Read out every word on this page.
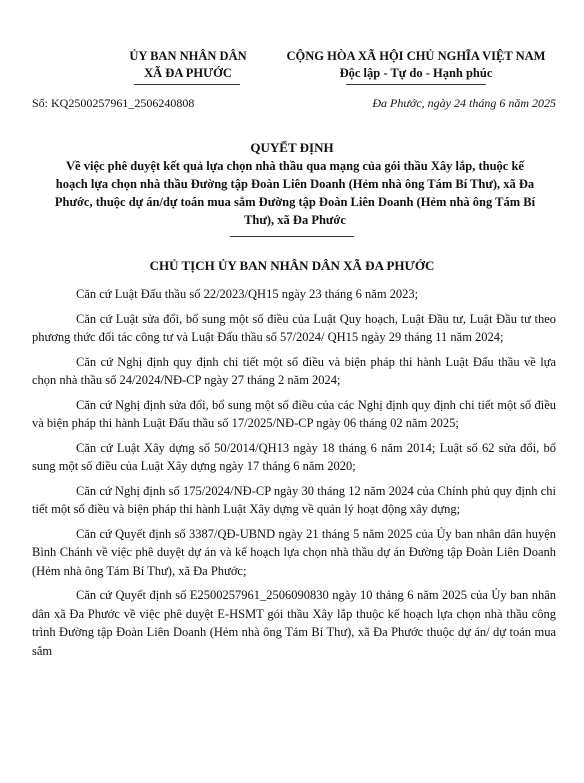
ỦY BAN NHÂN DÂN
XÃ ĐA PHƯỚC
CỘNG HÒA XÃ HỘI CHỦ NGHĨA VIỆT NAM
Độc lập - Tự do - Hạnh phúc
Số: KQ2500257961_2506240808	Đa Phước, ngày 24 tháng 6 năm 2025
QUYẾT ĐỊNH
Về việc phê duyệt kết quả lựa chọn nhà thầu qua mạng của gói thầu Xây lắp, thuộc kế hoạch lựa chọn nhà thầu Đường tập Đoàn Liên Doanh (Hẻm nhà ông Tám Bí Thư), xã Đa Phước, thuộc dự án/dự toán mua sắm Đường tập Đoàn Liên Doanh (Hẻm nhà ông Tám Bí Thư), xã Đa Phước
CHỦ TỊCH ỦY BAN NHÂN DÂN XÃ ĐA PHƯỚC

Căn cứ Luật Đấu thầu số 22/2023/QH15 ngày 23 tháng 6 năm 2023;

Căn cứ Luật sửa đổi, bổ sung một số điều của Luật Quy hoạch, Luật Đầu tư, Luật Đầu tư theo phương thức đối tác công tư và Luật Đấu thầu số 57/2024/ QH15 ngày 29 tháng 11 năm 2024;

Căn cứ Nghị định quy định chi tiết một số điều và biện pháp thi hành Luật Đấu thầu về lựa chọn nhà thầu số 24/2024/NĐ-CP ngày 27 tháng 2 năm 2024;

Căn cứ Nghị định sửa đổi, bổ sung một số điều của các Nghị định quy định chi tiết một số điều và biện pháp thi hành Luật Đấu thầu số 17/2025/NĐ-CP ngày 06 tháng 02 năm 2025;

Căn cứ Luật Xây dựng số 50/2014/QH13 ngày 18 tháng 6 năm 2014; Luật số 62 sửa đổi, bổ sung một số điều của Luật Xây dựng ngày 17 tháng 6 năm 2020;

Căn cứ Nghị định số 175/2024/NĐ-CP ngày 30 tháng 12 năm 2024 của Chính phủ quy định chi tiết một số điều và biện pháp thi hành Luật Xây dựng về quản lý hoạt động xây dựng;

Căn cứ Quyết định số 3387/QĐ-UBND ngày 21 tháng 5 năm 2025 của Ủy ban nhân dân huyện Bình Chánh về việc phê duyệt dự án và kế hoạch lựa chọn nhà thầu dự án Đường tập Đoàn Liên Doanh (Hẻm nhà ông Tám Bí Thư), xã Đa Phước;

Căn cứ Quyết định số E2500257961_2506090830 ngày 10 tháng 6 năm 2025 của Ủy ban nhân dân xã Đa Phước về việc phê duyệt E-HSMT gói thầu Xây lắp thuộc kế hoạch lựa chọn nhà thầu công trình Đường tập Đoàn Liên Doanh (Hẻm nhà ông Tám Bí Thư), xã Đa Phước thuộc dự án/ dự toán mua sắm
